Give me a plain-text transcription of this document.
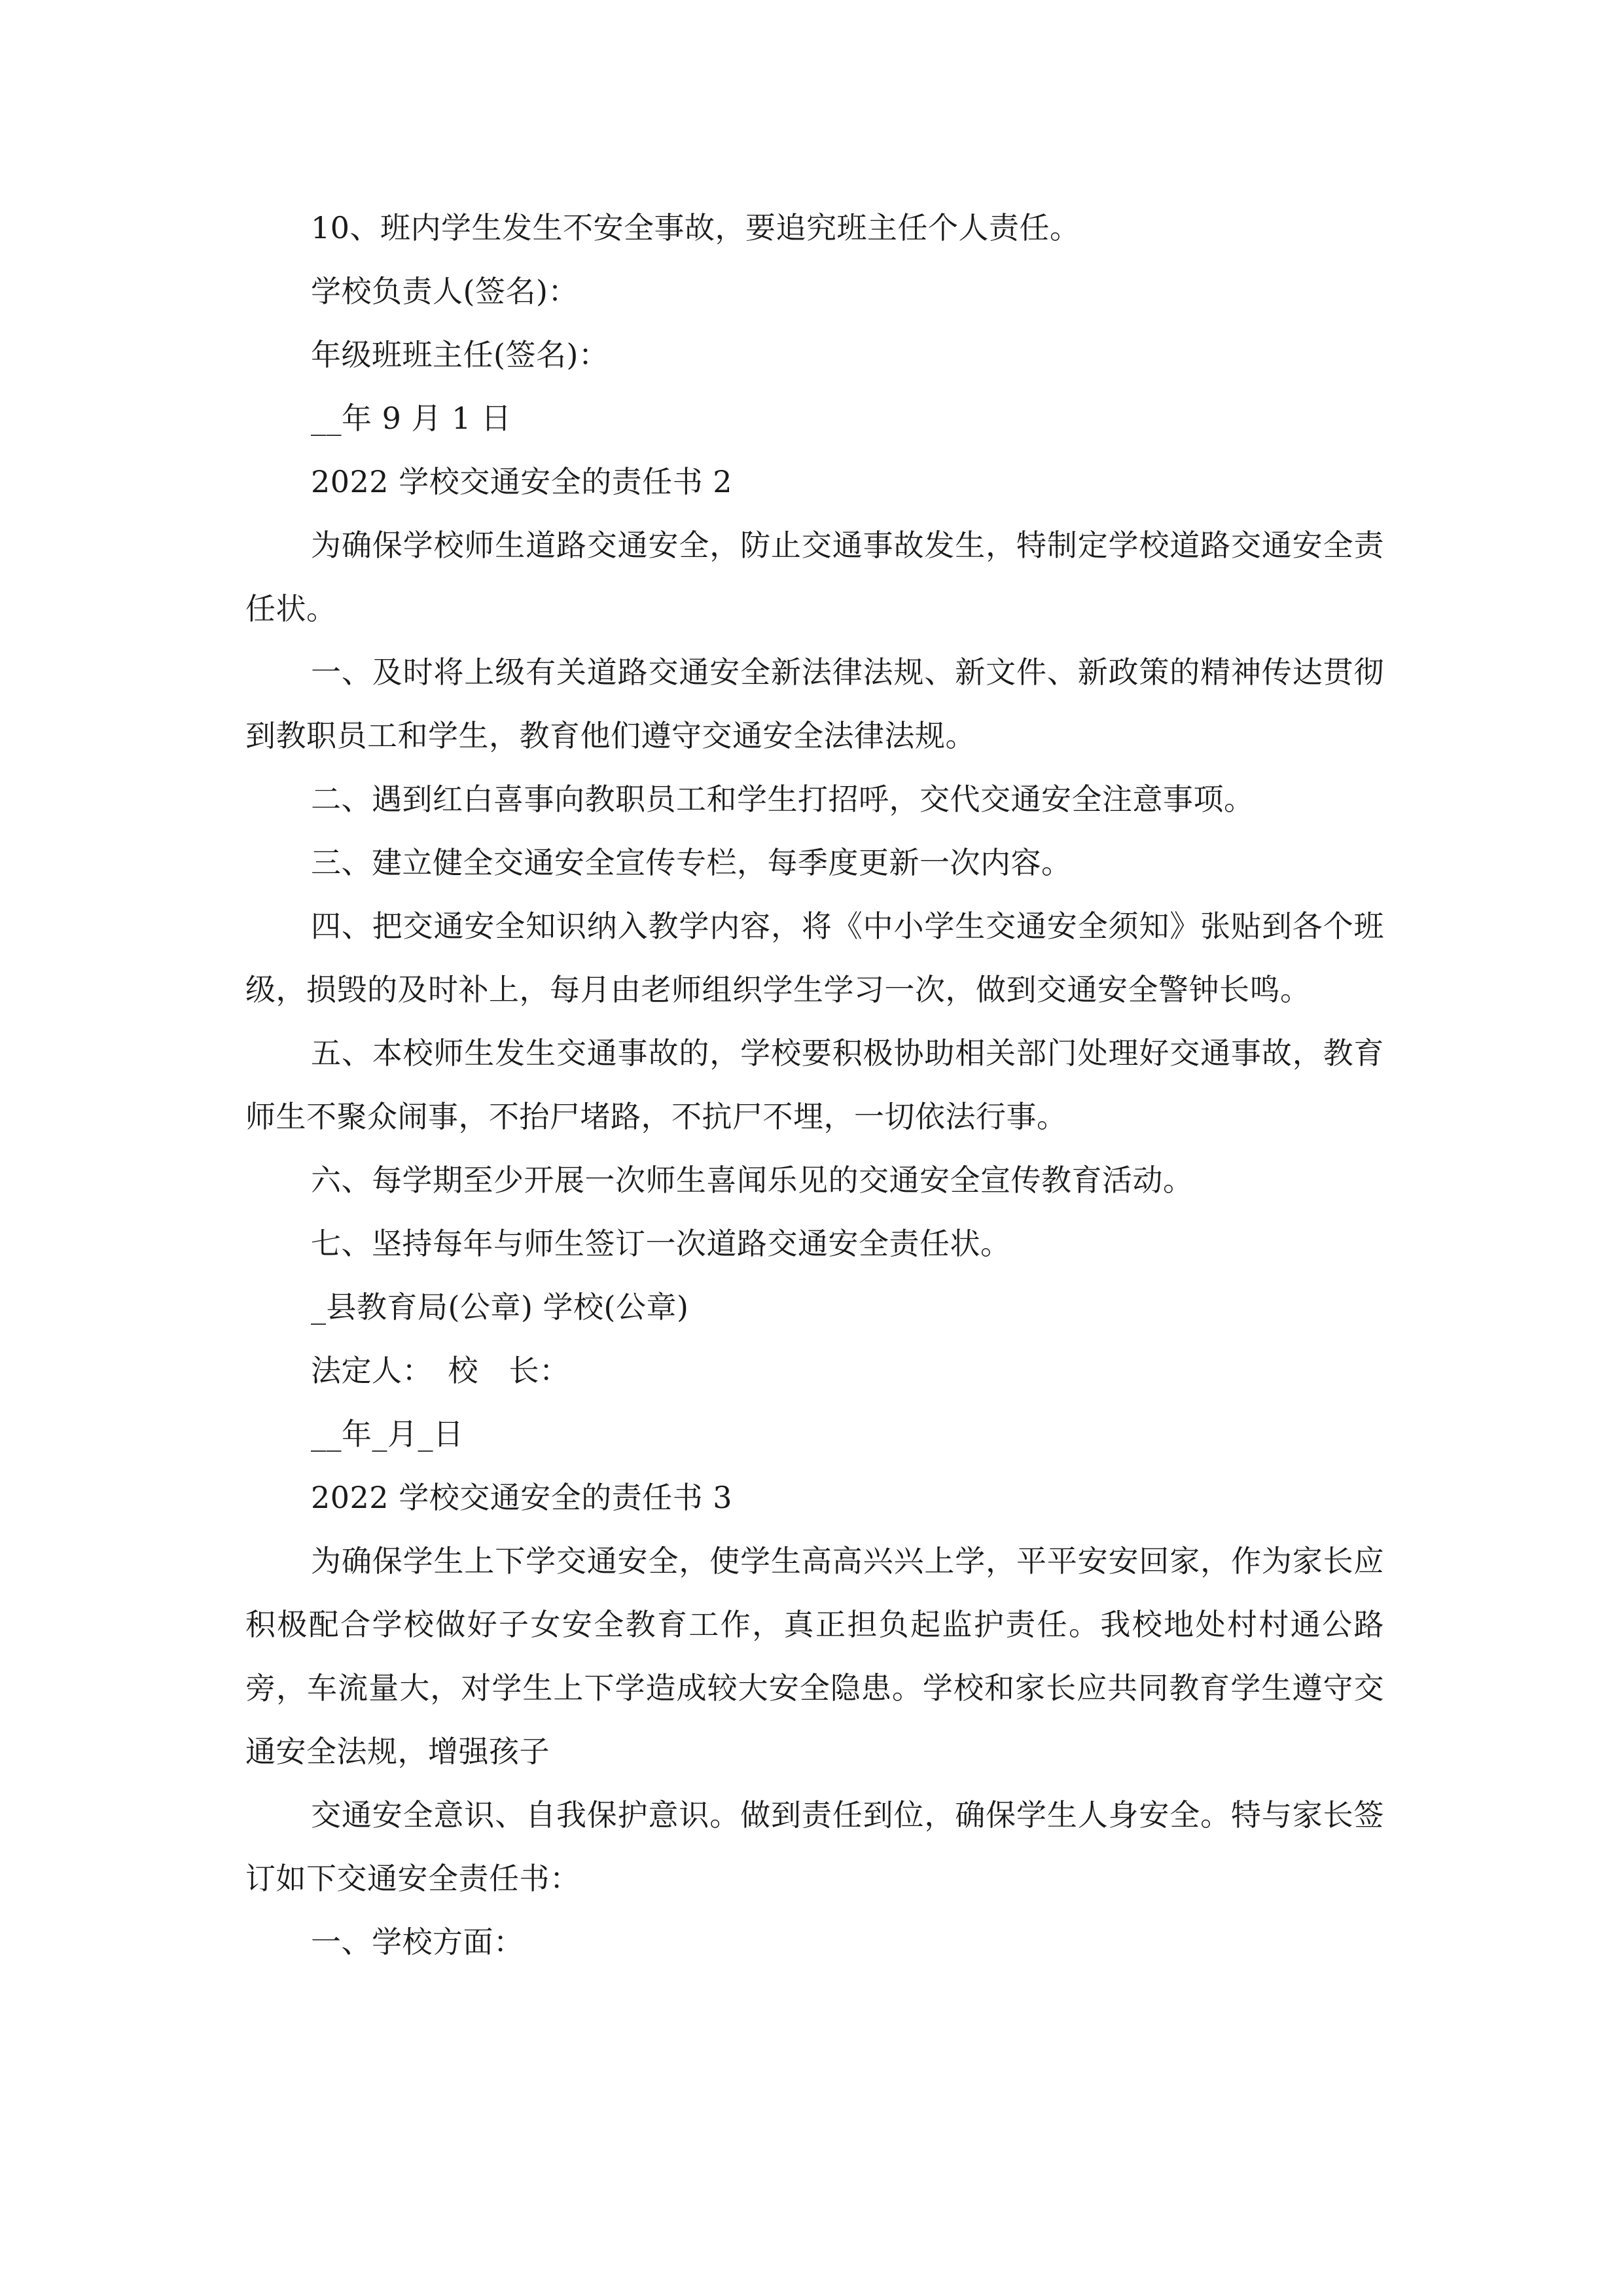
10、班内学生发生不安全事故，要追究班主任个人责任。

学校负责人(签名)：

年级班班主任(签名)：

__年 9 月 1 日

2022 学校交通安全的责任书 2

为确保学校师生道路交通安全，防止交通事故发生，特制定学校道路交通安全责任状。

一、及时将上级有关道路交通安全新法律法规、新文件、新政策的精神传达贯彻到教职员工和学生，教育他们遵守交通安全法律法规。

二、遇到红白喜事向教职员工和学生打招呼，交代交通安全注意事项。

三、建立健全交通安全宣传专栏，每季度更新一次内容。

四、把交通安全知识纳入教学内容，将《中小学生交通安全须知》张贴到各个班级，损毁的及时补上，每月由老师组织学生学习一次，做到交通安全警钟长鸣。

五、本校师生发生交通事故的，学校要积极协助相关部门处理好交通事故，教育师生不聚众闹事，不抬尸堵路，不抗尸不埋，一切依法行事。

六、每学期至少开展一次师生喜闻乐见的交通安全宣传教育活动。

七、坚持每年与师生签订一次道路交通安全责任状。

_县教育局(公章) 学校(公章)

法定人：　校　长：

__年_月_日

2022 学校交通安全的责任书 3

为确保学生上下学交通安全，使学生高高兴兴上学，平平安安回家，作为家长应积极配合学校做好子女安全教育工作，真正担负起监护责任。我校地处村村通公路旁，车流量大，对学生上下学造成较大安全隐患。学校和家长应共同教育学生遵守交通安全法规，增强孩子

交通安全意识、自我保护意识。做到责任到位，确保学生人身安全。特与家长签订如下交通安全责任书：

一、学校方面：
